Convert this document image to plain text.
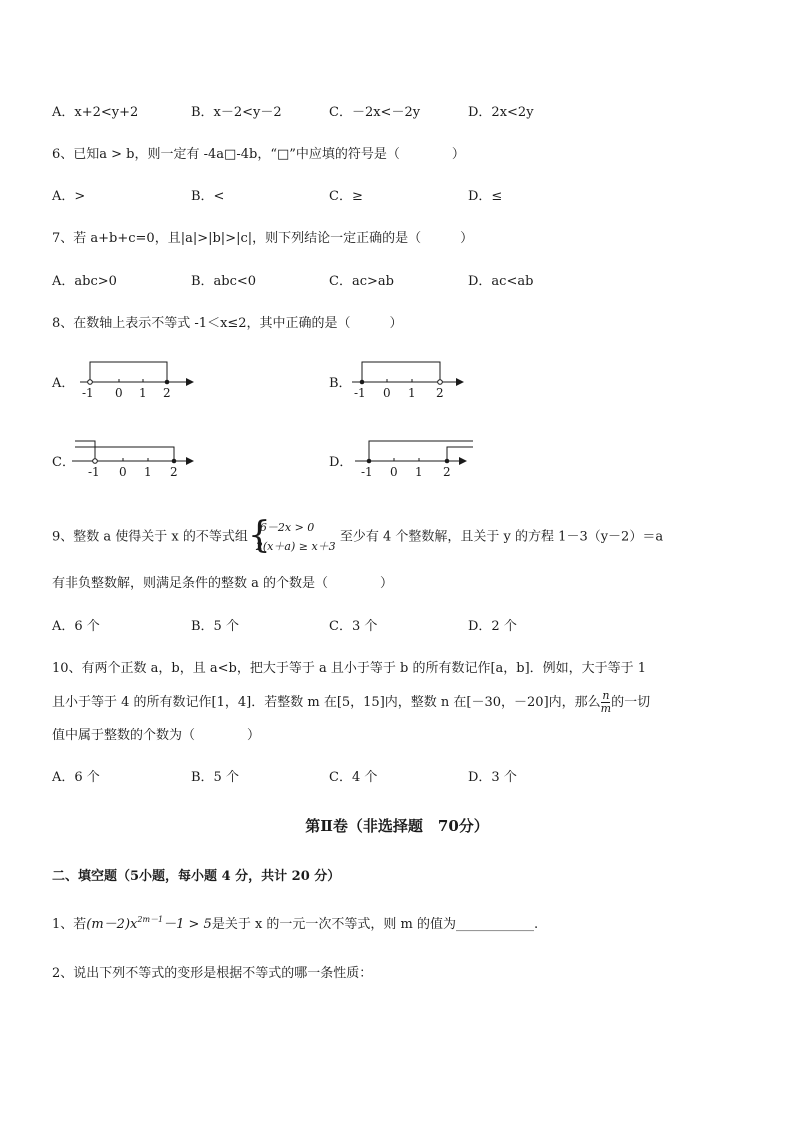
A．x+2<y+2	B．x－2<y－2	C．－2x<－2y	D．2x<2y
6、已知a > b，则一定有 -4a□-4b，“□”中应填的符号是（　　　　）
A．>	B．<	C．≥	D．≤
7、若 a+b+c=0，且|a|>|b|>|c|，则下列结论一定正确的是（　　　）
A．abc>0	B．abc<0	C．ac>ab	D．ac<ab
8、在数轴上表示不等式 -1＜x≤2，其中正确的是（　　　）
A．
-1 0 1 2
B．
-1 0 1 2
C．
-1 0 1 2
D．
-1 0 1 2
9、整数 a 使得关于 x 的不等式组 {
6－2x > 0
2(x＋a) ≥ x＋3
至少有 4 个整数解，且关于 y 的方程 1－3（y－2）＝a
有非负整数解，则满足条件的整数 a 的个数是（　　　　）
A．6 个	B．5 个	C．3 个	D．2 个
10、有两个正数 a，b，且 a<b，把大于等于 a 且小于等于 b 的所有数记作[a，b]．例如，大于等于 1
且小于等于 4 的所有数记作[1，4]．若整数 m 在[5，15]内，整数 n 在[－30，－20]内，那么 $\frac{n}{m}$ 的一切
值中属于整数的个数为（　　　　）
A．6 个	B．5 个	C．4 个	D．3 个
第Ⅱ卷（非选择题　70分）
二、填空题（5小题，每小题 4 分，共计 20 分）
1、若$(m-2)x^{2m-1}-1 > 5$是关于 x 的一元一次不等式，则 m 的值为____________.
2、说出下列不等式的变形是根据不等式的哪一条性质：
